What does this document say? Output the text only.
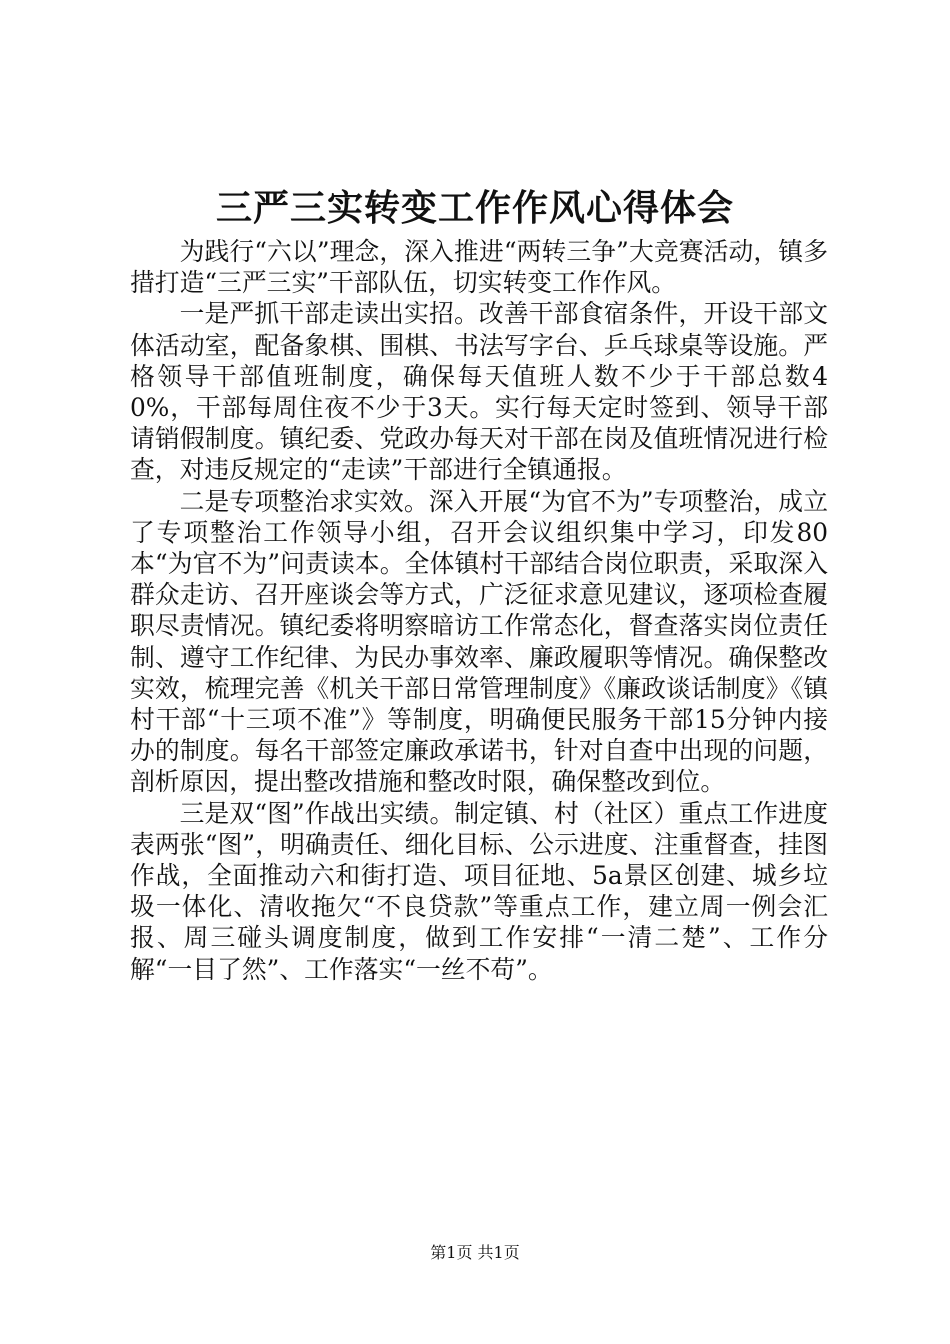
三严三实转变工作作风心得体会

为践行“六以”理念，深入推进“两转三争”大竞赛活动，镇多措打造“三严三实”干部队伍，切实转变工作作风。

一是严抓干部走读出实招。改善干部食宿条件，开设干部文体活动室，配备象棋、围棋、书法写字台、乒乓球桌等设施。严格领导干部值班制度，确保每天值班人数不少于干部总数40%，干部每周住夜不少于3天。实行每天定时签到、领导干部请销假制度。镇纪委、党政办每天对干部在岗及值班情况进行检查，对违反规定的“走读”干部进行全镇通报。

二是专项整治求实效。深入开展“为官不为”专项整治，成立了专项整治工作领导小组，召开会议组织集中学习，印发80本“为官不为”问责读本。全体镇村干部结合岗位职责，采取深入群众走访、召开座谈会等方式，广泛征求意见建议，逐项检查履职尽责情况。镇纪委将明察暗访工作常态化，督查落实岗位责任制、遵守工作纪律、为民办事效率、廉政履职等情况。确保整改实效，梳理完善《机关干部日常管理制度》《廉政谈话制度》《镇村干部“十三项不准”》等制度，明确便民服务干部15分钟内接办的制度。每名干部签定廉政承诺书，针对自查中出现的问题，剖析原因，提出整改措施和整改时限，确保整改到位。

三是双“图”作战出实绩。制定镇、村（社区）重点工作进度表两张“图”，明确责任、细化目标、公示进度、注重督查，挂图作战，全面推动六和街打造、项目征地、5a景区创建、城乡垃圾一体化、清收拖欠“不良贷款”等重点工作，建立周一例会汇报、周三碰头调度制度，做到工作安排“一清二楚”、工作分解“一目了然”、工作落实“一丝不苟”。

第1页 共1页
